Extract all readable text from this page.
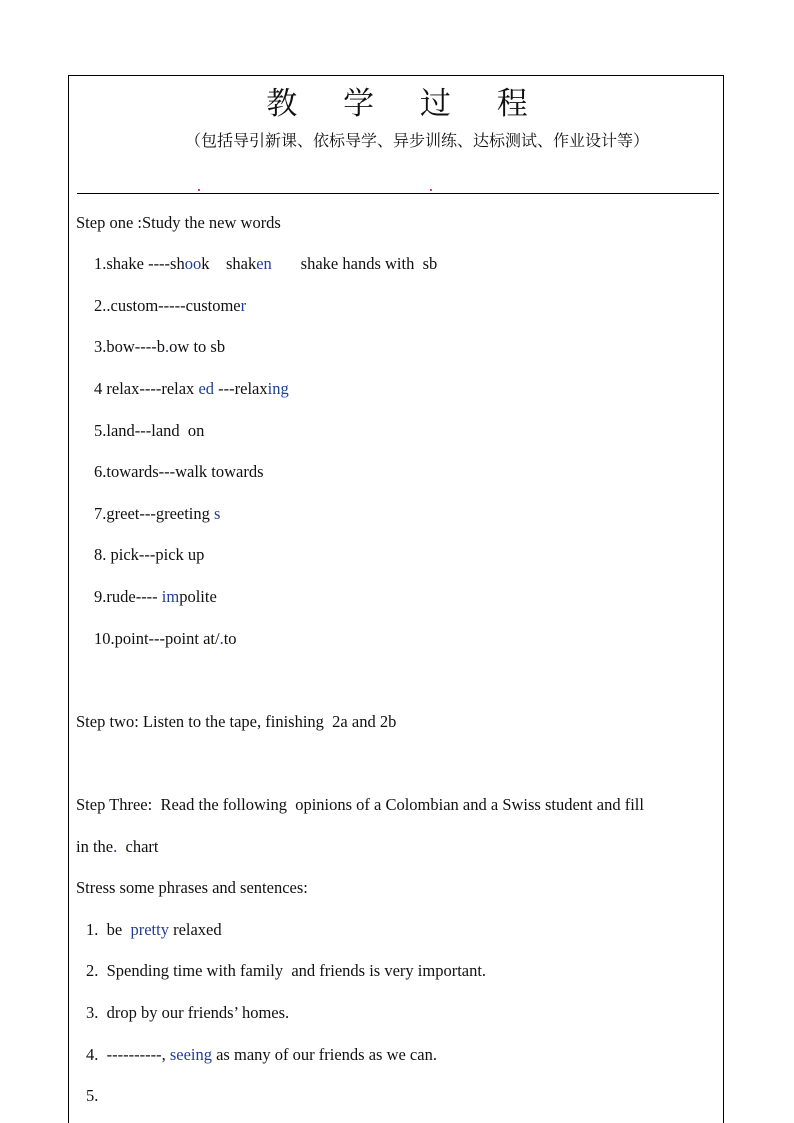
教 学 过 程
（包括导引新课、依标导学、异步训练、达标测试、作业设计等）
Step one :Study the new words
1.shake ----shook    shaken       shake hands with  sb
2..custom-----customer
3.bow----b.ow to sb
4 relax----relax ed ---relaxing
5.land---land  on
6.towards---walk towards
7.greet---greeting s
8. pick---pick up
9.rude---- impolite
10.point---point at/.to
Step two: Listen to the tape, finishing  2a and 2b
Step Three:  Read the following  opinions of a Colombian and a Swiss student and fill
in the.  chart
Stress some phrases and sentences:
1. be  pretty relaxed
2. Spending time with family  and friends is very important.
3. drop by our friends’ homes.
4. ----------, seeing as many of our friends as we can.
5.
